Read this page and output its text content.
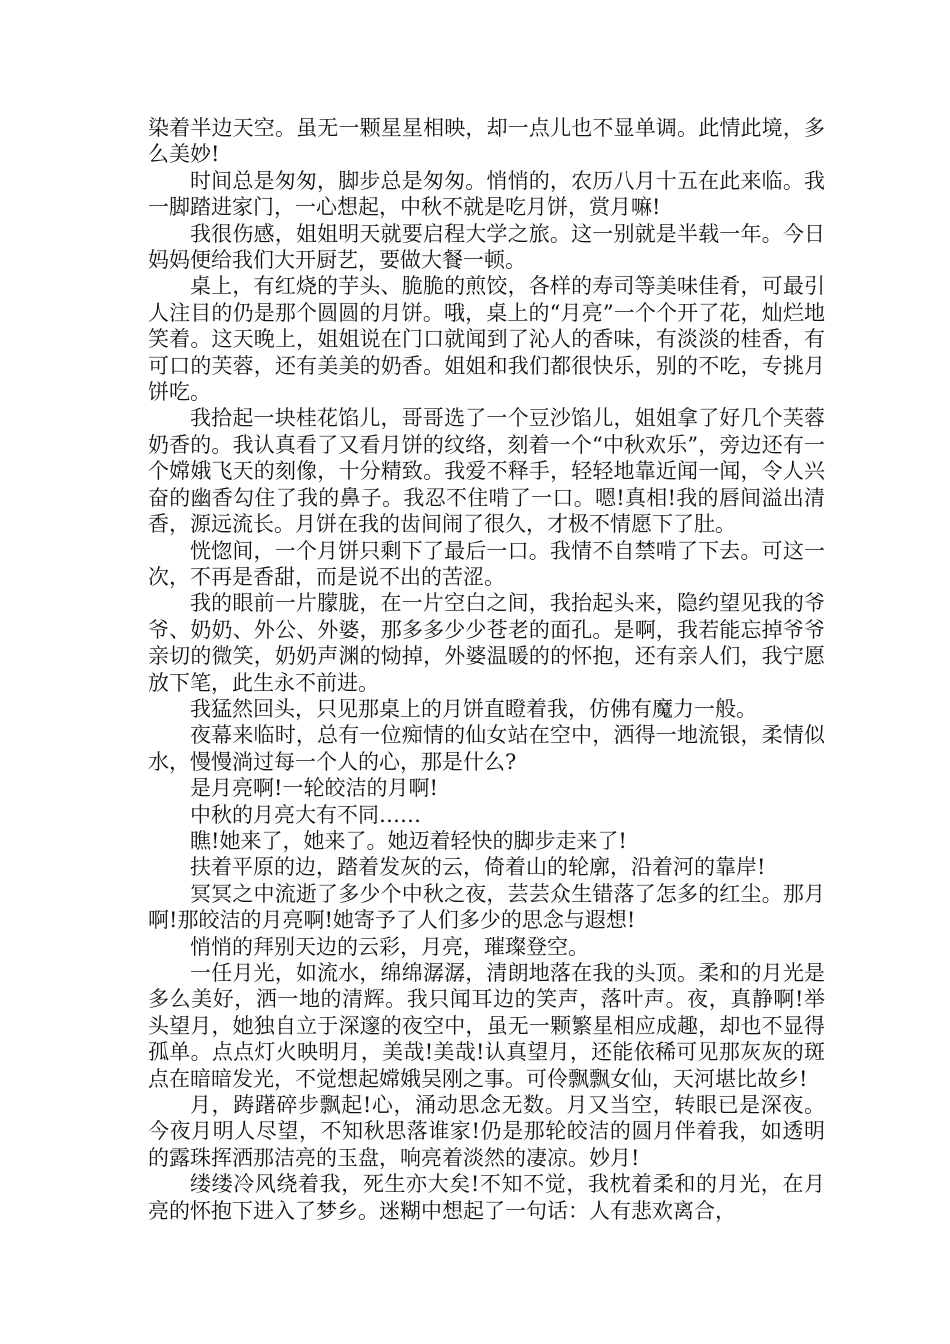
染着半边天空。虽无一颗星星相映，却一点儿也不显单调。此情此境，多么美妙!

时间总是匆匆，脚步总是匆匆。悄悄的，农历八月十五在此来临。我一脚踏进家门，一心想起，中秋不就是吃月饼，赏月嘛!

我很伤感，姐姐明天就要启程大学之旅。这一别就是半载一年。今日妈妈便给我们大开厨艺，要做大餐一顿。

桌上，有红烧的芋头、脆脆的煎饺，各样的寿司等美味佳肴，可最引人注目的仍是那个圆圆的月饼。哦，桌上的“月亮”一个个开了花，灿烂地笑着。这天晚上，姐姐说在门口就闻到了沁人的香味，有淡淡的桂香，有可口的芙蓉，还有美美的奶香。姐姐和我们都很快乐，别的不吃，专挑月饼吃。

我拾起一块桂花馅儿，哥哥选了一个豆沙馅儿，姐姐拿了好几个芙蓉奶香的。我认真看了又看月饼的纹络，刻着一个“中秋欢乐”，旁边还有一个嫦娥飞天的刻像，十分精致。我爱不释手，轻轻地靠近闻一闻，令人兴奋的幽香勾住了我的鼻子。我忍不住啃了一口。嗯!真相!我的唇间溢出清香，源远流长。月饼在我的齿间闹了很久，才极不情愿下了肚。

恍惚间，一个月饼只剩下了最后一口。我情不自禁啃了下去。可这一次，不再是香甜，而是说不出的苦涩。

我的眼前一片朦胧，在一片空白之间，我抬起头来，隐约望见我的爷爷、奶奶、外公、外婆，那多多少少苍老的面孔。是啊，我若能忘掉爷爷亲切的微笑，奶奶声渊的恸掉，外婆温暖的的怀抱，还有亲人们，我宁愿放下笔，此生永不前进。

我猛然回头，只见那桌上的月饼直瞪着我，仿佛有魔力一般。

夜幕来临时，总有一位痴情的仙女站在空中，洒得一地流银，柔情似水，慢慢淌过每一个人的心，那是什么?

是月亮啊!一轮皎洁的月啊!

中秋的月亮大有不同……

瞧!她来了，她来了。她迈着轻快的脚步走来了!

扶着平原的边，踏着发灰的云，倚着山的轮廓，沿着河的靠岸!

冥冥之中流逝了多少个中秋之夜，芸芸众生错落了怎多的红尘。那月啊!那皎洁的月亮啊!她寄予了人们多少的思念与遐想!

悄悄的拜别天边的云彩，月亮，璀璨登空。

一任月光，如流水，绵绵潺潺，清朗地落在我的头顶。柔和的月光是多么美好，洒一地的清辉。我只闻耳边的笑声，落叶声。夜，真静啊!举头望月，她独自立于深邃的夜空中，虽无一颗繁星相应成趣，却也不显得孤单。点点灯火映明月，美哉!美哉!认真望月，还能依稀可见那灰灰的斑点在暗暗发光，不觉想起嫦娥吴刚之事。可伶飘飘女仙，天河堪比故乡!

月，踌躇碎步飘起!心，涌动思念无数。月又当空，转眼已是深夜。今夜月明人尽望，不知秋思落谁家!仍是那轮皎洁的圆月伴着我，如透明的露珠挥洒那洁亮的玉盘，响亮着淡然的凄凉。妙月!

缕缕冷风绕着我，死生亦大矣!不知不觉，我枕着柔和的月光，在月亮的怀抱下进入了梦乡。迷糊中想起了一句话：人有悲欢离合，
